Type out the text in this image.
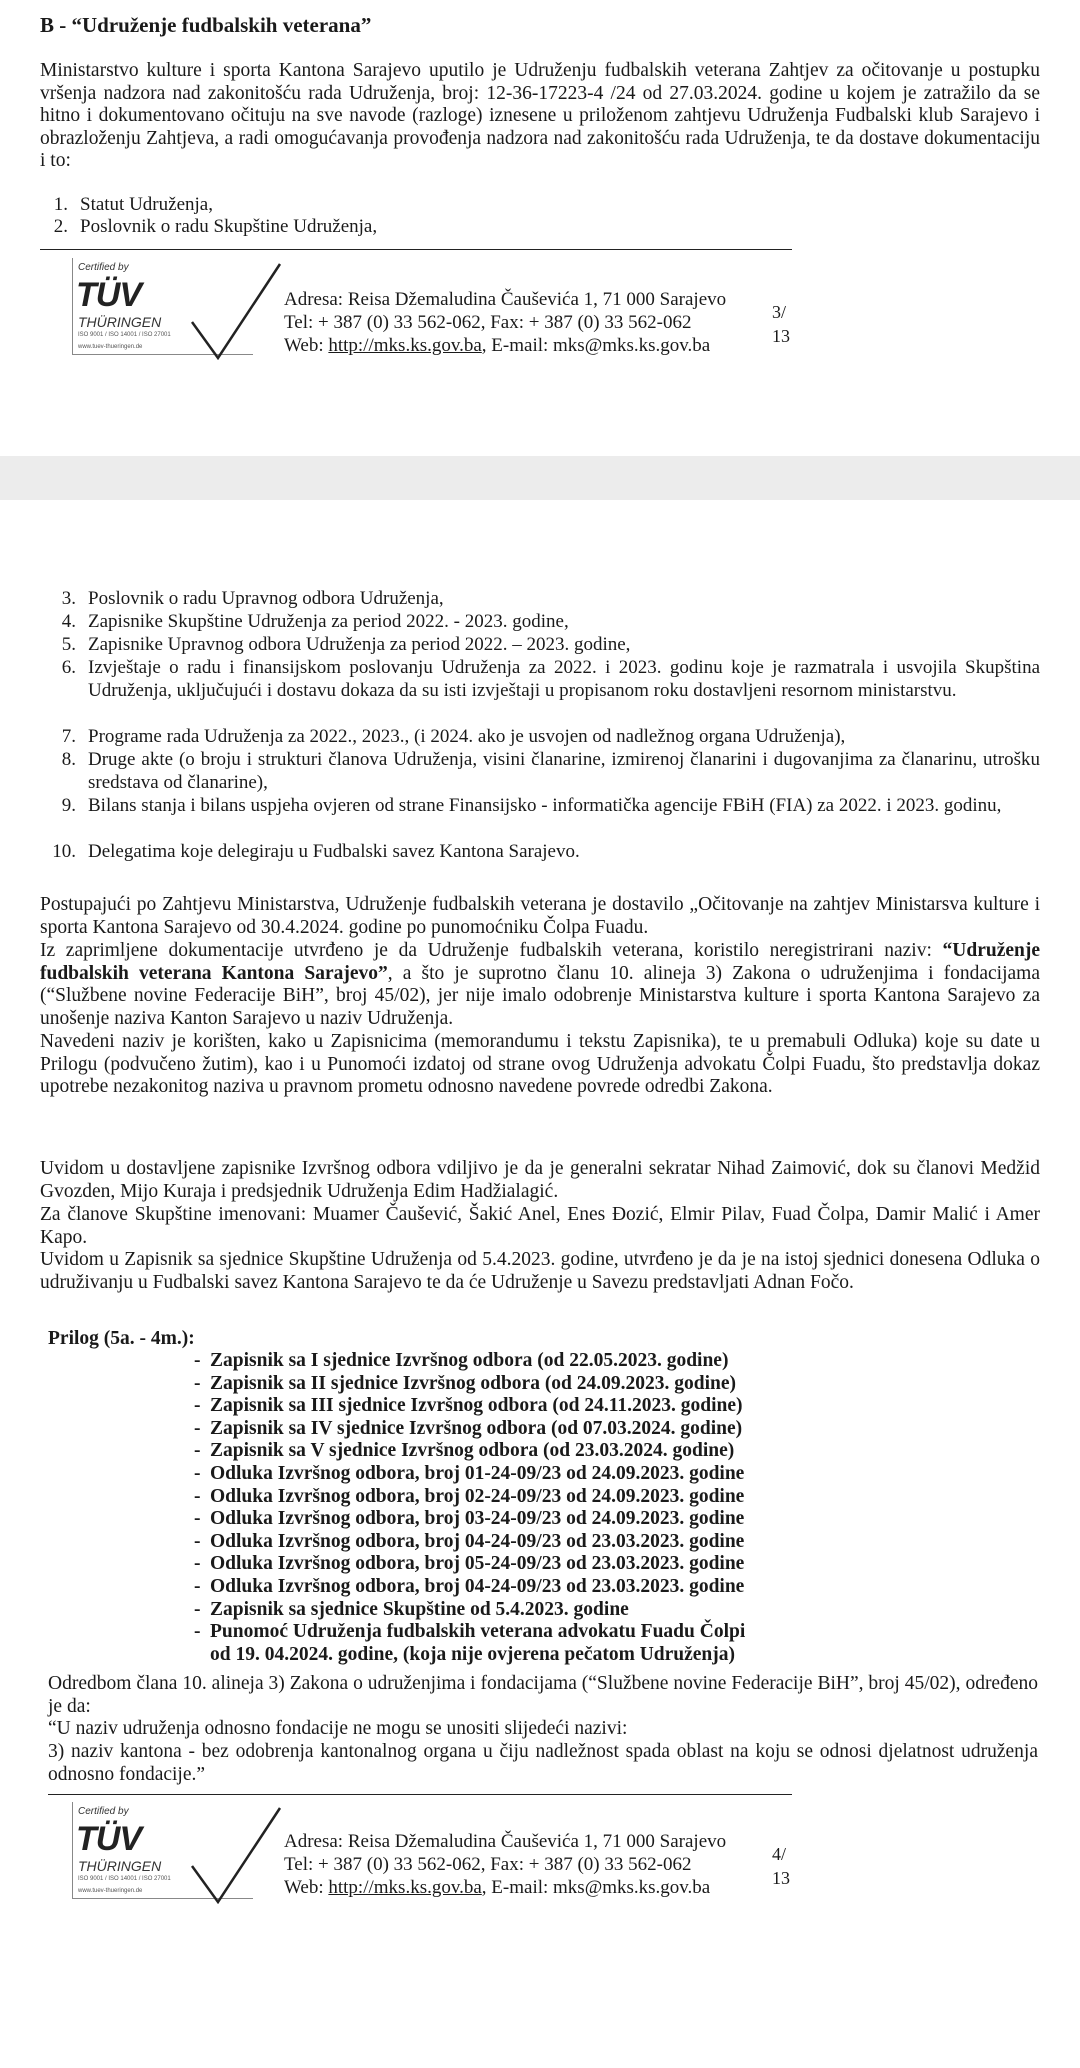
B - “Udruženje fudbalskih veterana”
Ministarstvo kulture i sporta Kantona Sarajevo uputilo je Udruženju fudbalskih veterana Zahtjev za očitovanje u postupku vršenja nadzora nad zakonitošću rada Udruženja, broj: 12-36-17223-4 /24 od 27.03.2024. godine u kojem je zatražilo da se hitno i dokumentovano očituju na sve navode (razloge) iznesene u priloženom zahtjevu Udruženja Fudbalski klub Sarajevo i obrazloženju Zahtjeva, a radi omogućavanja provođenja nadzora nad zakonitošću rada Udruženja, te da dostave dokumentaciju i to:
1. Statut Udruženja,
2. Poslovnik o radu Skupštine Udruženja,
Certified by
TÜV
THÜRINGEN
ISO 9001 / ISO 14001 / ISO 27001
www.tuev-thueringen.de
Adresa: Reisa Džemaludina Čauševića 1, 71 000 Sarajevo
Tel: + 387 (0) 33 562-062, Fax: + 387 (0) 33 562-062
Web: http://mks.ks.gov.ba, E-mail: mks@mks.ks.gov.ba
3/
13
3. Poslovnik o radu Upravnog odbora Udruženja,
4. Zapisnike Skupštine Udruženja za period 2022. - 2023. godine,
5. Zapisnike Upravnog odbora Udruženja za period 2022. – 2023. godine,
6. Izvještaje o radu i finansijskom poslovanju Udruženja za 2022. i 2023. godinu koje je razmatrala i usvojila Skupština Udruženja, uključujući i dostavu dokaza da su isti izvještaji u propisanom roku dostavljeni resornom ministarstvu.
7. Programe rada Udruženja za 2022., 2023., (i 2024. ako je usvojen od nadležnog organa Udruženja),
8. Druge akte (o broju i strukturi članova Udruženja, visini članarine, izmirenoj članarini i dugovanjima za članarinu, utrošku sredstava od članarine),
9. Bilans stanja i bilans uspjeha ovjeren od strane Finansijsko - informatička agencije FBiH (FIA) za 2022. i 2023. godinu,
10. Delegatima koje delegiraju u Fudbalski savez Kantona Sarajevo.
Postupajući po Zahtjevu Ministarstva, Udruženje fudbalskih veterana je dostavilo „Očitovanje na zahtjev Ministarsva kulture i sporta Kantona Sarajevo od 30.4.2024. godine po punomoćniku Čolpa Fuadu.
Iz zaprimljene dokumentacije utvrđeno je da Udruženje fudbalskih veterana, koristilo neregistrirani naziv: “Udruženje fudbalskih veterana Kantona Sarajevo”, a što je suprotno članu 10. alineja 3) Zakona o udruženjima i fondacijama (“Službene novine Federacije BiH”, broj 45/02), jer nije imalo odobrenje Ministarstva kulture i sporta Kantona Sarajevo za unošenje naziva Kanton Sarajevo u naziv Udruženja.
Navedeni naziv je korišten, kako u Zapisnicima (memorandumu i tekstu Zapisnika), te u premabuli Odluka) koje su date u Prilogu (podvučeno žutim), kao i u Punomoći izdatoj od strane ovog Udruženja advokatu Čolpi Fuadu, što predstavlja dokaz upotrebe nezakonitog naziva u pravnom prometu odnosno navedene povrede odredbi Zakona.
Uvidom u dostavljene zapisnike Izvršnog odbora vdiljivo je da je generalni sekratar Nihad Zaimović, dok su članovi Medžid Gvozden, Mijo Kuraja i predsjednik Udruženja Edim Hadžialagić.
Za članove Skupštine imenovani: Muamer Čaušević, Šakić Anel, Enes Đozić, Elmir Pilav, Fuad Čolpa, Damir Malić i Amer Kapo.
Uvidom u Zapisnik sa sjednice Skupštine Udruženja od 5.4.2023. godine, utvrđeno je da je na istoj sjednici donesena Odluka o udruživanju u Fudbalski savez Kantona Sarajevo te da će Udruženje u Savezu predstavljati Adnan Fočo.
Prilog (5a. - 4m.):
- Zapisnik sa I sjednice Izvršnog odbora (od 22.05.2023. godine)
- Zapisnik sa II sjednice Izvršnog odbora (od 24.09.2023. godine)
- Zapisnik sa III sjednice Izvršnog odbora (od 24.11.2023. godine)
- Zapisnik sa IV sjednice Izvršnog odbora (od 07.03.2024. godine)
- Zapisnik sa V sjednice Izvršnog odbora (od 23.03.2024. godine)
- Odluka Izvršnog odbora, broj 01-24-09/23 od 24.09.2023. godine
- Odluka Izvršnog odbora, broj 02-24-09/23 od 24.09.2023. godine
- Odluka Izvršnog odbora, broj 03-24-09/23 od 24.09.2023. godine
- Odluka Izvršnog odbora, broj 04-24-09/23 od 23.03.2023. godine
- Odluka Izvršnog odbora, broj 05-24-09/23 od 23.03.2023. godine
- Odluka Izvršnog odbora, broj 04-24-09/23 od 23.03.2023. godine
- Zapisnik sa sjednice Skupštine od 5.4.2023. godine
- Punomoć Udruženja fudbalskih veterana advokatu Fuadu Čolpi
od 19. 04.2024. godine, (koja nije ovjerena pečatom Udruženja)
Odredbom člana 10. alineja 3) Zakona o udruženjima i fondacijama (“Službene novine Federacije BiH”, broj 45/02), određeno je da:
“U naziv udruženja odnosno fondacije ne mogu se unositi slijedeći nazivi:
3) naziv kantona - bez odobrenja kantonalnog organa u čiju nadležnost spada oblast na koju se odnosi djelatnost udruženja odnosno fondacije.”
Certified by
TÜV
THÜRINGEN
ISO 9001 / ISO 14001 / ISO 27001
www.tuev-thueringen.de
Adresa: Reisa Džemaludina Čauševića 1, 71 000 Sarajevo
Tel: + 387 (0) 33 562-062, Fax: + 387 (0) 33 562-062
Web: http://mks.ks.gov.ba, E-mail: mks@mks.ks.gov.ba
4/
13
